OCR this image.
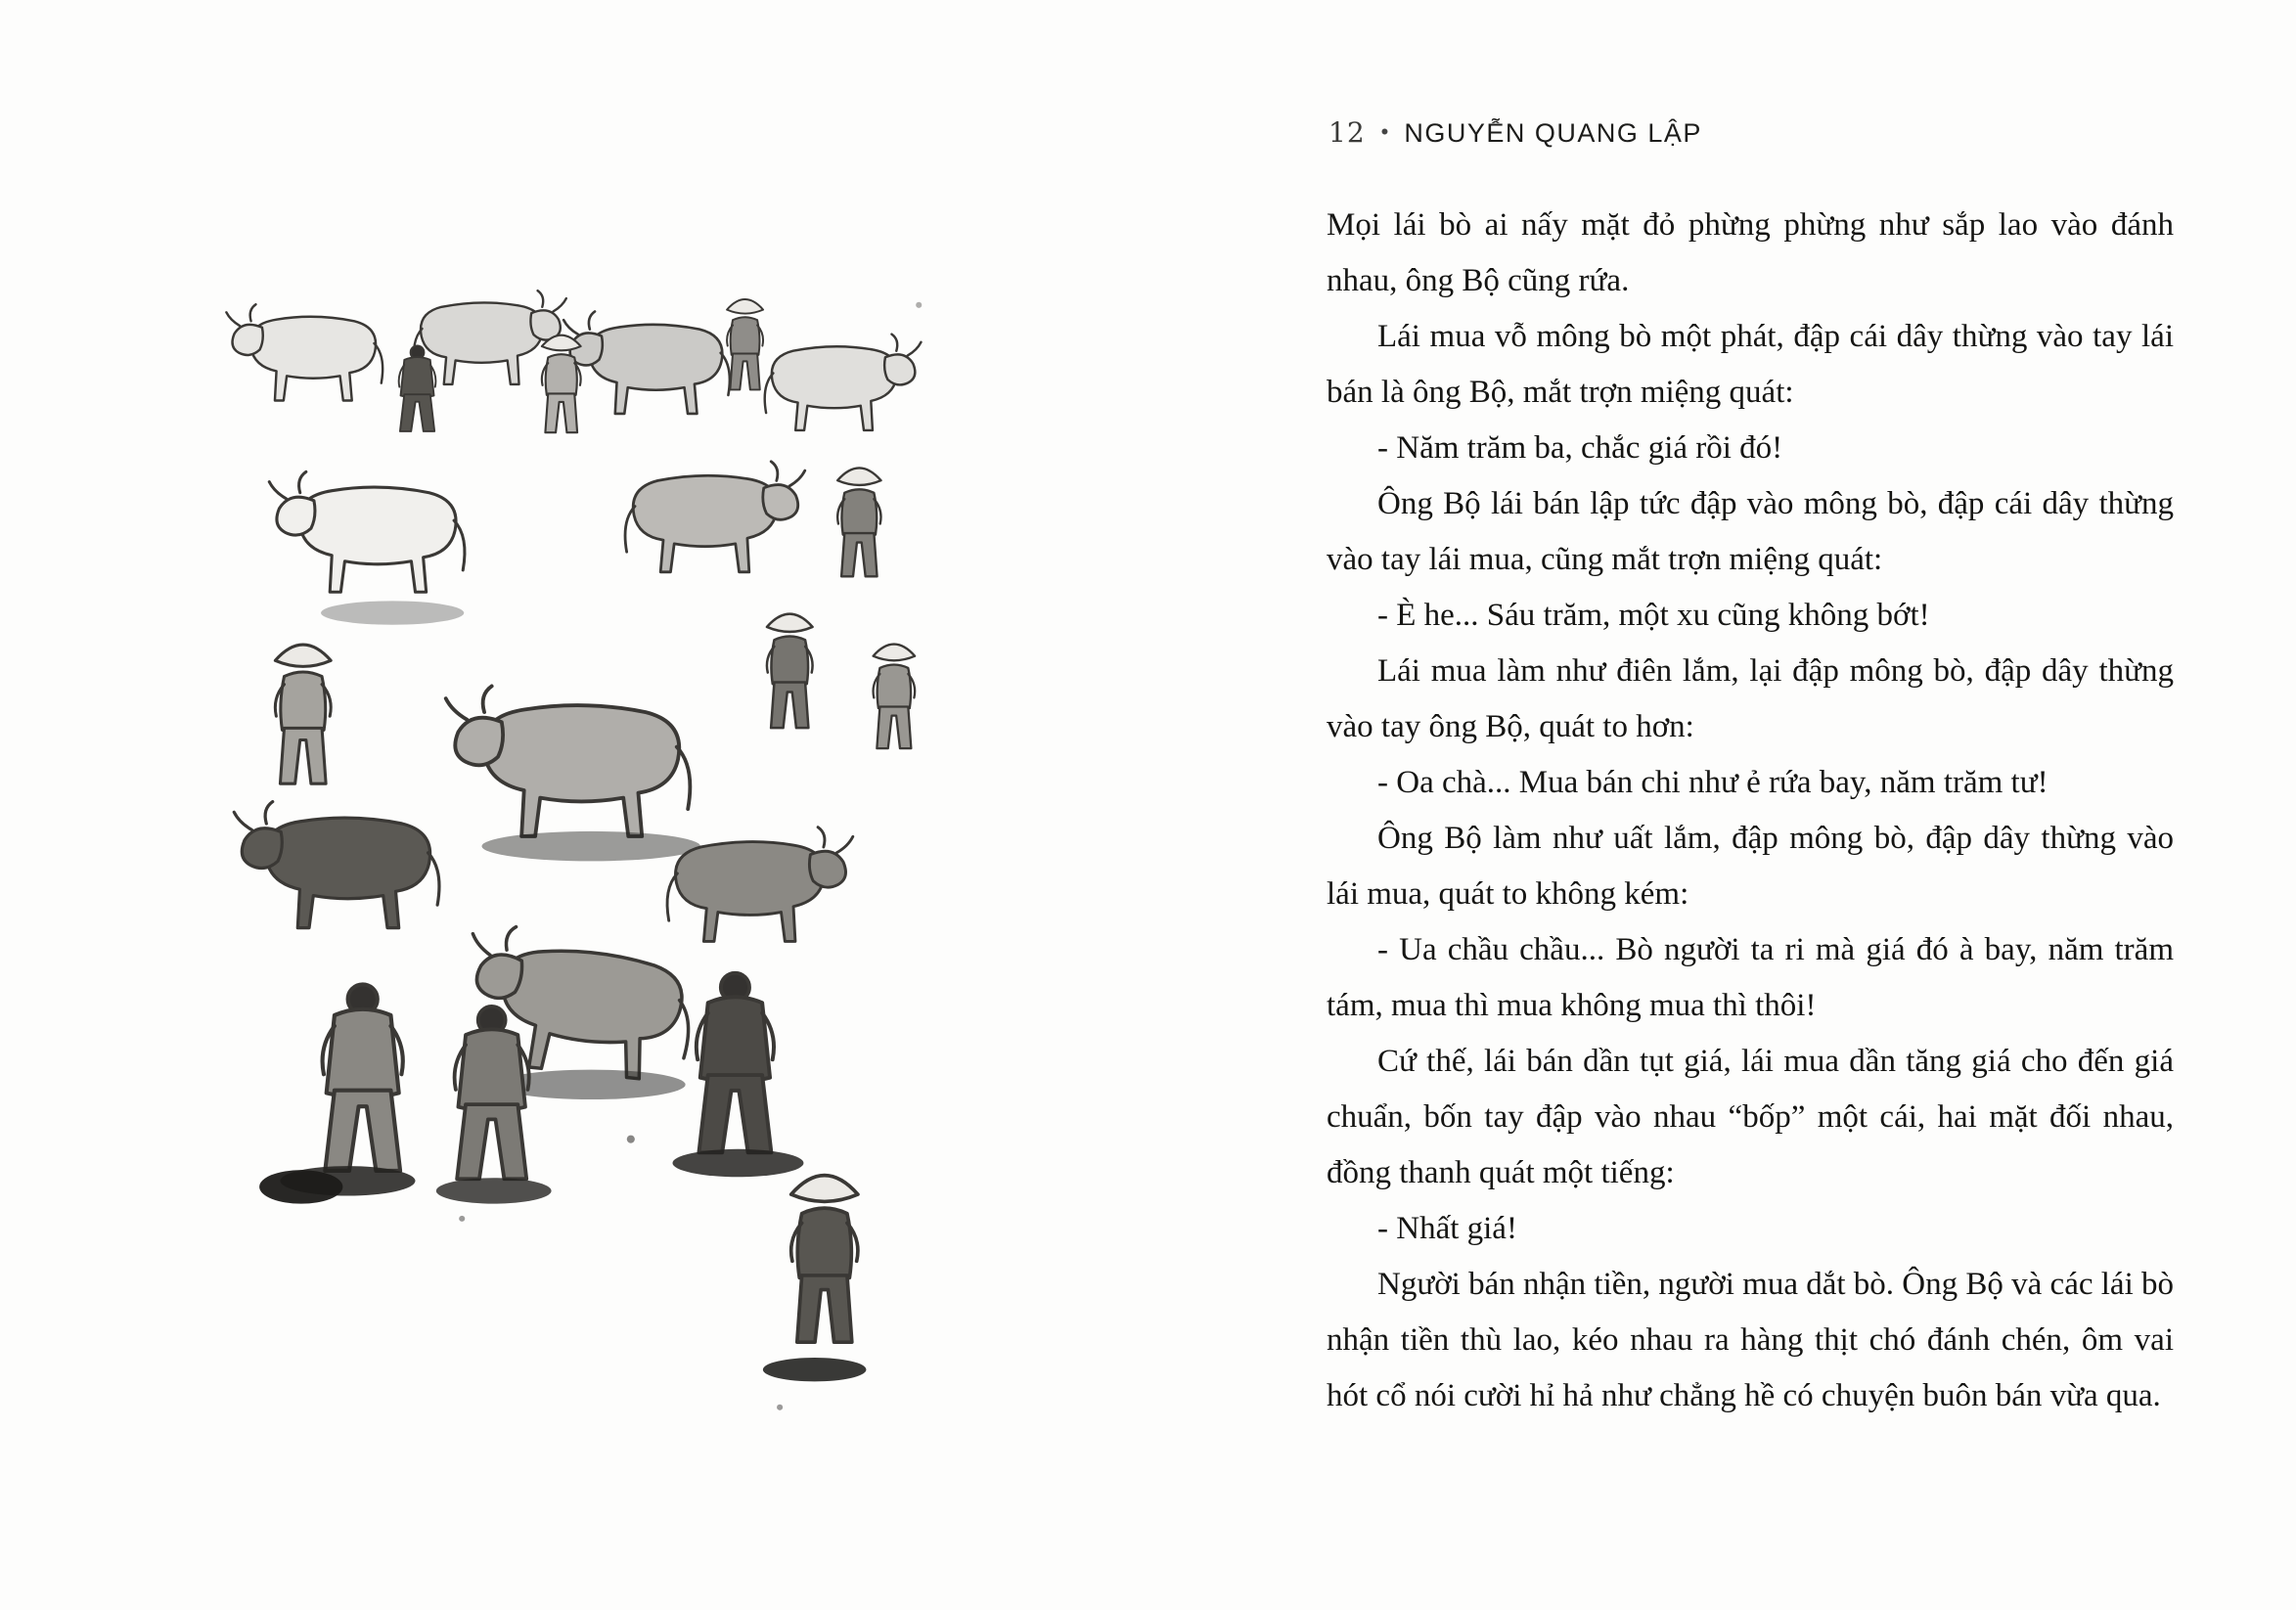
12 • NGUYỄN QUANG LẬP

Mọi lái bò ai nấy mặt đỏ phừng phừng như sắp lao vào đánh nhau, ông Bộ cũng rứa.

Lái mua vỗ mông bò một phát, đập cái dây thừng vào tay lái bán là ông Bộ, mắt trợn miệng quát:

- Năm trăm ba, chắc giá rồi đó!

Ông Bộ lái bán lập tức đập vào mông bò, đập cái dây thừng vào tay lái mua, cũng mắt trợn miệng quát:

- È he... Sáu trăm, một xu cũng không bớt!

Lái mua làm như điên lắm, lại đập mông bò, đập dây thừng vào tay ông Bộ, quát to hơn:

- Oa chà... Mua bán chi như ẻ rứa bay, năm trăm tư!

Ông Bộ làm như uất lắm, đập mông bò, đập dây thừng vào lái mua, quát to không kém:

- Ua chầu chầu... Bò người ta ri mà giá đó à bay, năm trăm tám, mua thì mua không mua thì thôi!

Cứ thế, lái bán dần tụt giá, lái mua dần tăng giá cho đến giá chuẩn, bốn tay đập vào nhau “bốp” một cái, hai mặt đối nhau, đồng thanh quát một tiếng:

- Nhất giá!

Người bán nhận tiền, người mua dắt bò. Ông Bộ và các lái bò nhận tiền thù lao, kéo nhau ra hàng thịt chó đánh chén, ôm vai hót cổ nói cười hỉ hả như chẳng hề có chuyện buôn bán vừa qua.
